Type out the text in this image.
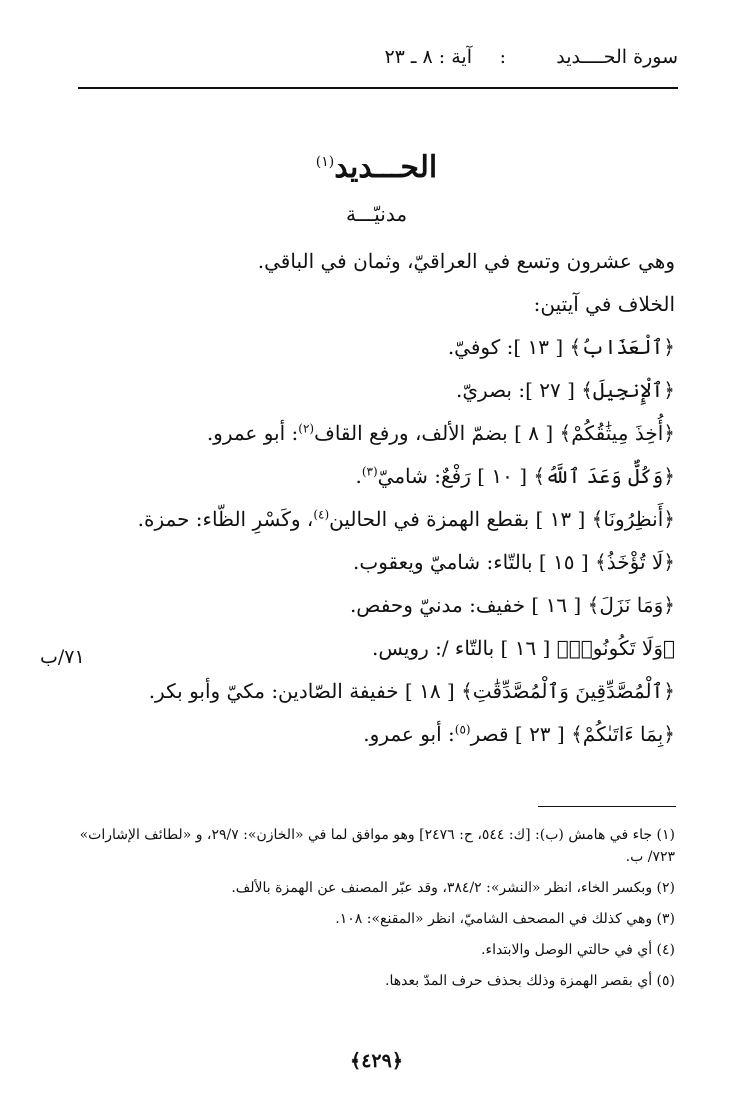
سورة الحــــديد
:
آية : ٨ ـ ٢٣
الحـــديد$^{(١)}$
مدنيّـــة
وهي عشرون وتسع في العراقيّ، وثمان في الباقي.
الخلاف في آيتين:
﴿ٱلْعَذَابُ﴾ [ ١٣ ]: كوفيّ.
﴿ٱلْإِنجِيلَ﴾ [ ٢٧ ]: بصريّ.
﴿أُخِذَ مِيثَٰقُكُمْ﴾ [ ٨ ] بضمّ الألف، ورفع القاف$^{(٢)}$: أبو عمرو.
﴿وَكُلٌّ وَعَدَ ٱللَّهُ﴾ [ ١٠ ] رَفْعٌ: شاميّ$^{(٣)}$.
﴿أَنظِرُونَا﴾ [ ١٣ ] بقطع الهمزة في الحالين$^{(٤)}$، وكَسْرِ الظّاء: حمزة.
﴿لَا تُؤْخَذُ﴾ [ ١٥ ] بالتّاء: شاميّ ويعقوب.
﴿وَمَا نَزَلَ﴾ [ ١٦ ] خفيف: مدنيّ وحفص.
﴿وَلَا تَكُونُوا۟﴾ [ ١٦ ] بالتّاء /: رويس.
﴿ٱلْمُصَّدِّقِينَ وَٱلْمُصَّدِّقَٰتِ﴾ [ ١٨ ] خفيفة الصّادين: مكيّ وأبو بكر.
﴿بِمَا ءَاتَىٰكُمْ﴾ [ ٢٣ ] قصر$^{(٥)}$: أبو عمرو.
٧١/ب
(١) جاء في هامش (ب): [ك: ٥٤٤، ح: ٢٤٧٦] وهو موافق لما في «الخازن»: ٢٩/٧، و «لطائف الإشارات» ٧٢٣/ ب.
(٢) وبكسر الخاء، انظر «النشر»: ٣٨٤/٢، وقد عبّر المصنف عن الهمزة بالألف.
(٣) وهي كذلك في المصحف الشاميّ، انظر «المقنع»: ١٠٨.
(٤) أي في حالتي الوصل والابتداء.
(٥) أي بقصر الهمزة وذلك بحذف حرف المدّ بعدها.
﴿٤٢٩﴾
